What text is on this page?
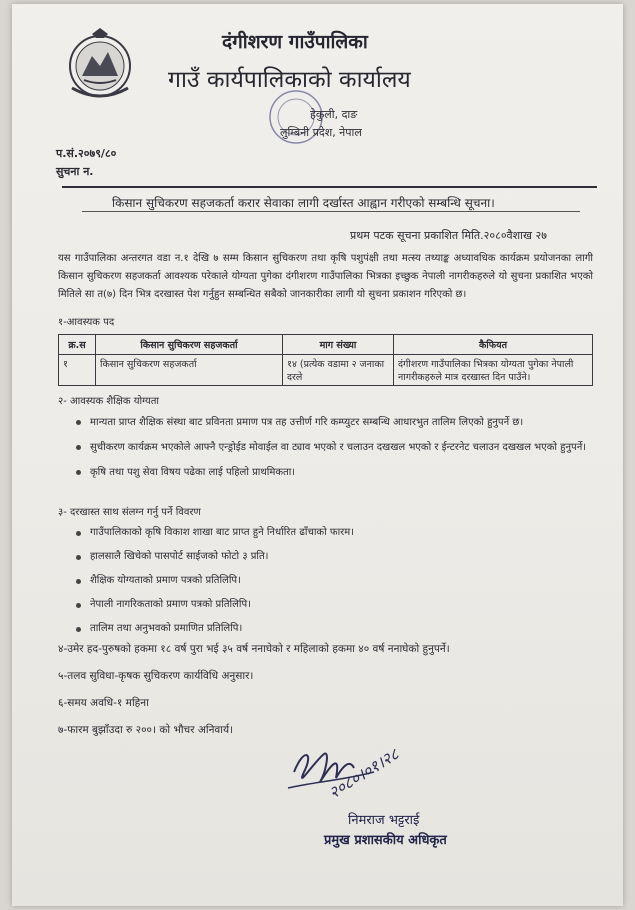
दंगीशरण गाउँपालिका
गाउँ कार्यपालिकाको कार्यालय
हेकुली, दाङ
लुम्बिनी प्रदेश, नेपाल
प.सं.२०७९/८०
सुचना न.
किसान सुचिकरण सहजकर्ता करार सेवाका लागी दर्खास्त आह्वान गरीएको सम्बन्धि सूचना।
प्रथम पटक सूचना प्रकाशित मिति.२०८०वैशाख २७
यस गाउँपालिका अन्तरगत वडा न.१ देखि ७ सम्म किसान सुचिकरण तथा कृषि पशुपंक्षी तथा मत्स्य तथ्याङ्क अध्यावधिक कार्यक्रम प्रयोजनका लागी किसान सुचिकरण सहजकर्ता आवश्यक परेकाले योग्यता पुगेका दंगीशरण गाउँपालिका भित्रका इच्छुक नेपाली नागरीकहरुले यो सुचना प्रकाशित भएको मितिले सा त(७) दिन भित्र दरखास्त पेश गर्नुहुन सम्बन्धित सबैको जानकारीका लागी यो सुचना प्रकाशन गरिएको छ।
१-आवस्यक पद
क्र.स	किसान सुचिकरण सहजकर्ता	माग संख्या	कैफियत
१	किसान सुचिकरण सहजकर्ता	१४ (प्रत्येक वडामा २ जनाका दरले	दंगीशरण गाउँपालिका भित्रका योग्यता पुगेका नेपाली नागरीकहरुले मात्र दरखास्त दिन पाउँने।
२- आवस्यक शैक्षिक योग्यता
मान्यता प्राप्त शैक्षिक संस्था बाट प्रविनता प्रमाण पत्र तह उत्तीर्ण गरि कम्प्युटर सम्बन्धि आधारभुत तालिम लिएको हुनुपर्ने छ।
सुचीकरण कार्यक्रम भएकोले आफ्नै एन्ड्रोईड मोवाईल वा ट्याव भएको र चलाउन दखखल भएको र ईन्टरनेट चलाउन दखखल भएको हुनुपर्ने।
कृषि तथा पशु सेवा विषय पढेका लाई पहिलो प्राथमिकता।
३- दरखास्त साथ संलग्न गर्नु पर्ने विवरण
गाउँपालिकाको कृषि विकाश शाखा बाट प्राप्त हुने निर्धारित ढाँचाको फारम।
हालसालै खिचेको पासपोर्ट साईजको फोटो ३ प्रति।
शैक्षिक योग्यताको प्रमाण पत्रको प्रतिलिपि।
नेपाली नागरिकताको प्रमाण पत्रको प्रतिलिपि।
तालिम तथा अनुभवको प्रमाणित प्रतिलिपि।
४-उमेर हद-पुरुषको हकमा १८ वर्ष पुरा भई ३५ वर्ष ननाघेको र महिलाको हकमा ४० वर्ष ननाघेको हुनुपर्ने।
५-तलव सुविधा-कृषक सुचिकरण कार्यविधि अनुसार।
६-समय अवधि-१ महिना
७-फारम बुझाँउदा रु २००। को भौचर अनिवार्य।
२०८०।०१।२८
निमराज भट्टराई
प्रमुख प्रशासकीय अधिकृत
